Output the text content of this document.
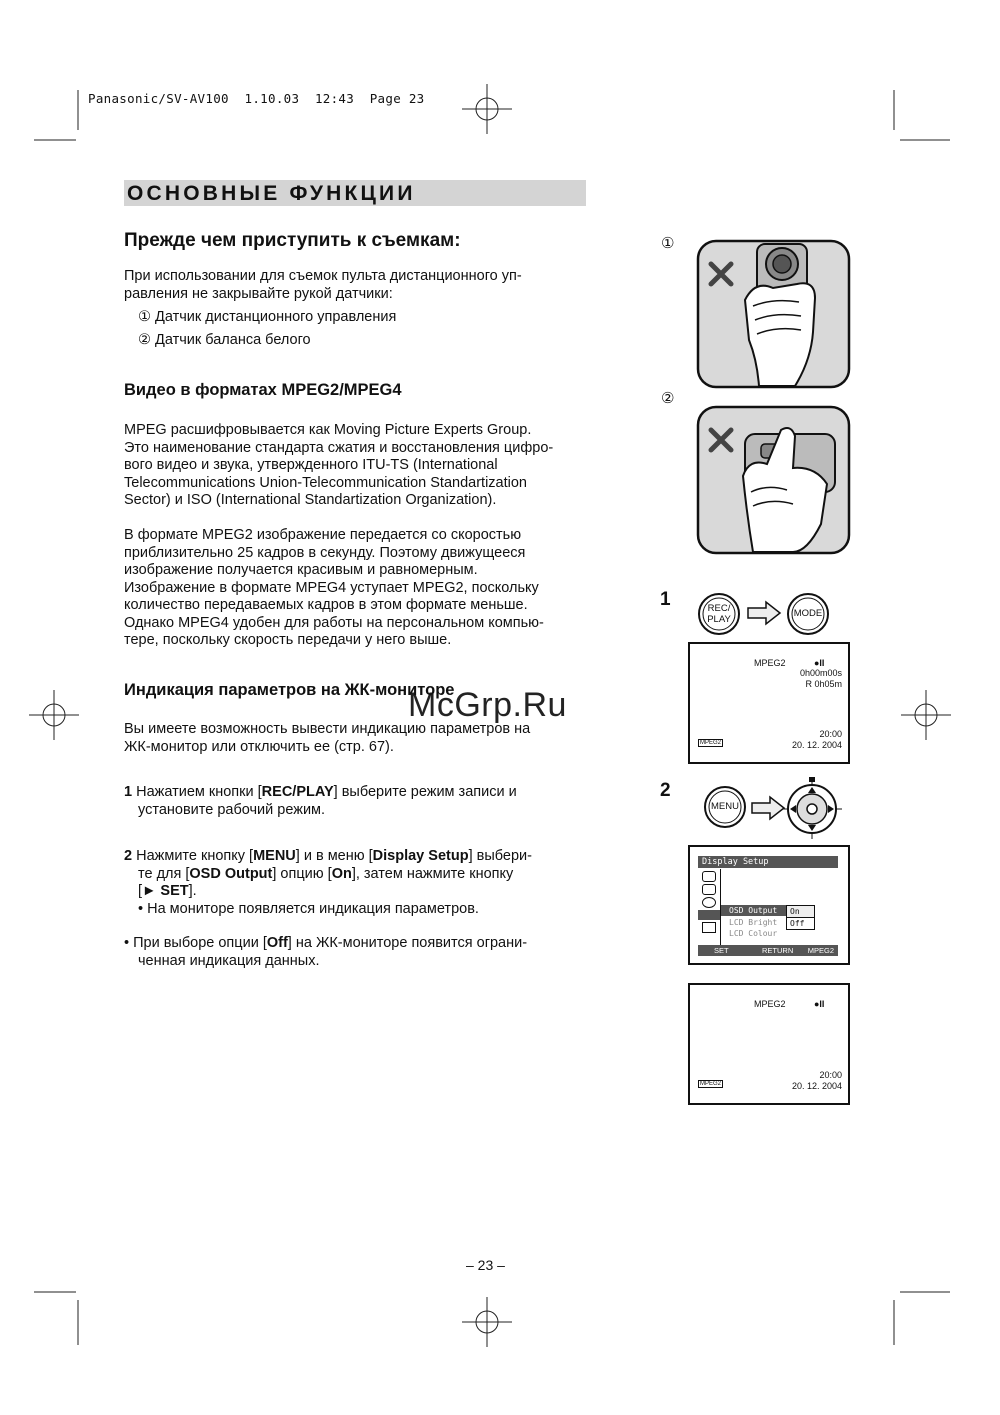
Panasonic/SV-AV100  1.10.03  12:43  Page 23
ОСНОВНЫЕ ФУНКЦИИ
Прежде чем приступить к съемкам:
При использовании для съемок пульта дистанционного уп-
равления не закрывайте рукой датчики:
① Датчик дистанционного управления
② Датчик баланса белого
Видео в форматах MPEG2/MPEG4
MPEG расшифровывается как Moving Picture Experts Group.
Это наименование стандарта сжатия и восстановления цифро-
вого видео и звука, утвержденного ITU-TS (International
Telecommunications Union-Telecommunication Standartization
Sector) и ISO (International Standartization Organization).
В формате MPEG2 изображение передается со скоростью
приблизительно 25 кадров в секунду. Поэтому движущееся
изображение получается красивым и равномерным.
Изображение в формате MPEG4 уступает MPEG2, поскольку
количество передаваемых кадров в этом формате меньше.
Однако MPEG4 удобен для работы на персональном компью-
тере, поскольку скорость передачи у него выше.
Индикация параметров на ЖК-мониторе
Вы имеете возможность вывести индикацию параметров на
ЖК-монитор или отключить ее (стр. 67).
1 Нажатием кнопки [REC/PLAY] выберите режим записи и
установите рабочий режим.
2 Нажмите кнопку [MENU] и в меню [Display Setup] выбери-
те для [OSD Output] опцию [On], затем нажмите кнопку
[► SET].
• На мониторе появляется индикация параметров.
• При выборе опции [Off] на ЖК-мониторе появится ограни-
ченная индикация данных.
①
②
1	REC/
PLAY
MODE
MPEG2	●II
0h00m00s
R 0h05m
20:00
20. 12. 2004
MPEG2
2
MENU
Display Setup
OSD Output
LCD Bright
LCD Colour
On
Off
SET	RETURN MPEG2
MPEG2	●II
20:00
20. 12. 2004
MPEG2
McGrp.Ru
– 23 –
